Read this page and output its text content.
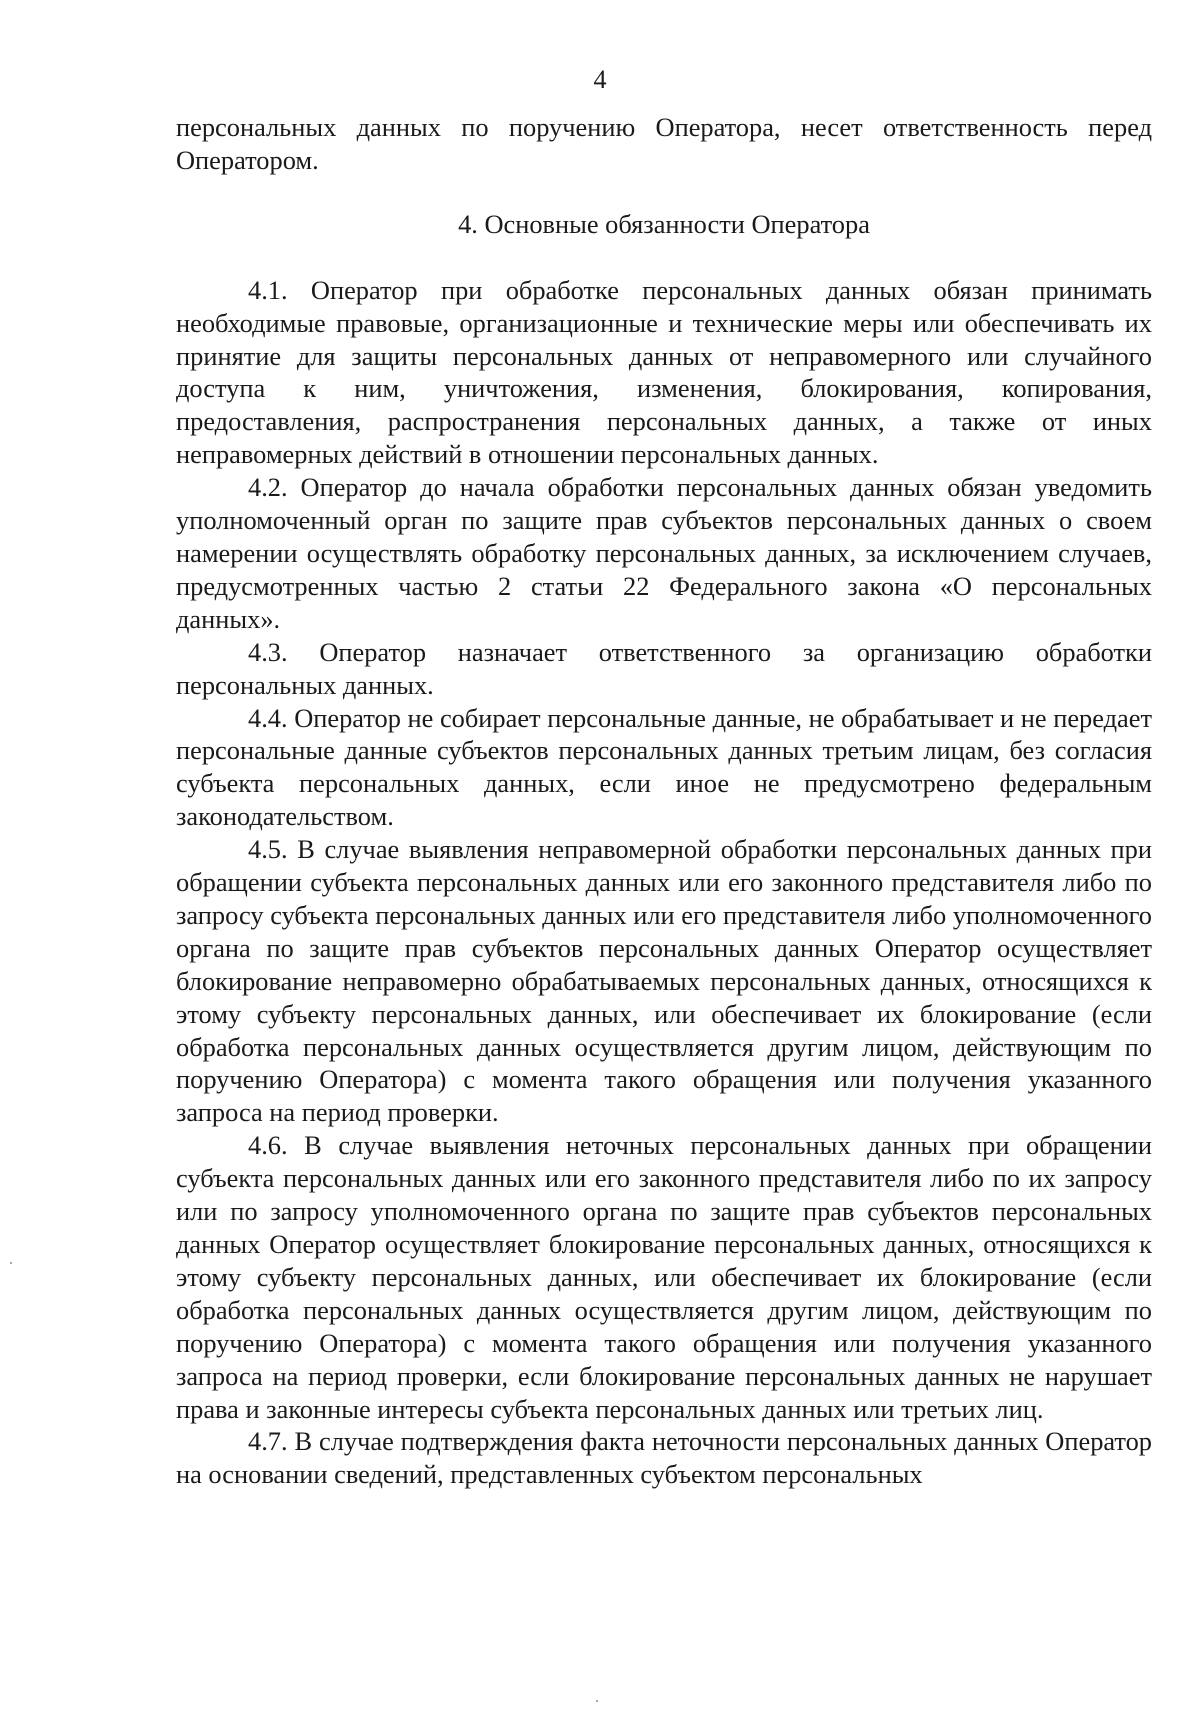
4

персональных данных по поручению Оператора, несет ответственность перед Оператором.

4. Основные обязанности Оператора

4.1. Оператор при обработке персональных данных обязан принимать необходимые правовые, организационные и технические меры или обеспечивать их принятие для защиты персональных данных от неправомерного или случайного доступа к ним, уничтожения, изменения, блокирования, копирования, предоставления, распространения персональных данных, а также от иных неправомерных действий в отношении персональных данных.

4.2. Оператор до начала обработки персональных данных обязан уведомить уполномоченный орган по защите прав субъектов персональных данных о своем намерении осуществлять обработку персональных данных, за исключением случаев, предусмотренных частью 2 статьи 22 Федерального закона «О персональных данных».

4.3. Оператор назначает ответственного за организацию обработки персональных данных.

4.4. Оператор не собирает персональные данные, не обрабатывает и не передает персональные данные субъектов персональных данных третьим лицам, без согласия субъекта персональных данных, если иное не предусмотрено федеральным законодательством.

4.5. В случае выявления неправомерной обработки персональных данных при обращении субъекта персональных данных или его законного представителя либо по запросу субъекта персональных данных или его представителя либо уполномоченного органа по защите прав субъектов персональных данных Оператор осуществляет блокирование неправомерно обрабатываемых персональных данных, относящихся к этому субъекту персональных данных, или обеспечивает их блокирование (если обработка персональных данных осуществляется другим лицом, действующим по поручению Оператора) с момента такого обращения или получения указанного запроса на период проверки.

4.6. В случае выявления неточных персональных данных при обращении субъекта персональных данных или его законного представителя либо по их запросу или по запросу уполномоченного органа по защите прав субъектов персональных данных Оператор осуществляет блокирование персональных данных, относящихся к этому субъекту персональных данных, или обеспечивает их блокирование (если обработка персональных данных осуществляется другим лицом, действующим по поручению Оператора) с момента такого обращения или получения указанного запроса на период проверки, если блокирование персональных данных не нарушает права и законные интересы субъекта персональных данных или третьих лиц.

4.7. В случае подтверждения факта неточности персональных данных Оператор на основании сведений, представленных субъектом персональных
